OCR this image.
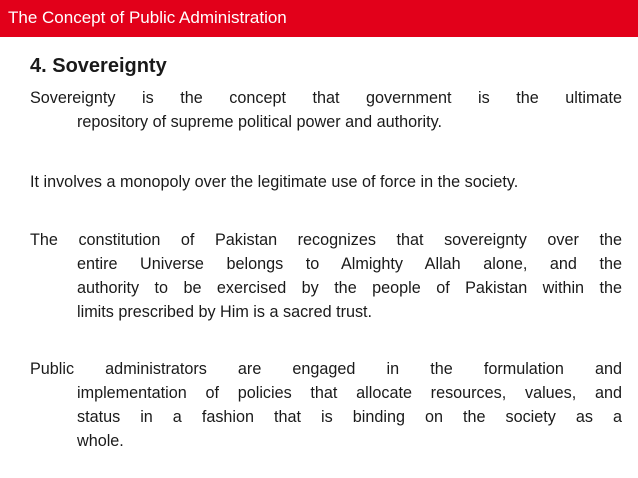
The Concept of Public Administration
4. Sovereignty
Sovereignty is the concept that government is the ultimate
repository of supreme political power and authority.
It involves a monopoly over the legitimate use of force in the society.
The constitution of Pakistan recognizes that sovereignty over the
entire Universe belongs to Almighty Allah alone, and the
authority to be exercised by the people of Pakistan within the
limits prescribed by Him is a sacred trust.
Public administrators are engaged in the formulation and
implementation of policies that allocate resources, values, and
status in a fashion that is binding on the society as a
whole.
